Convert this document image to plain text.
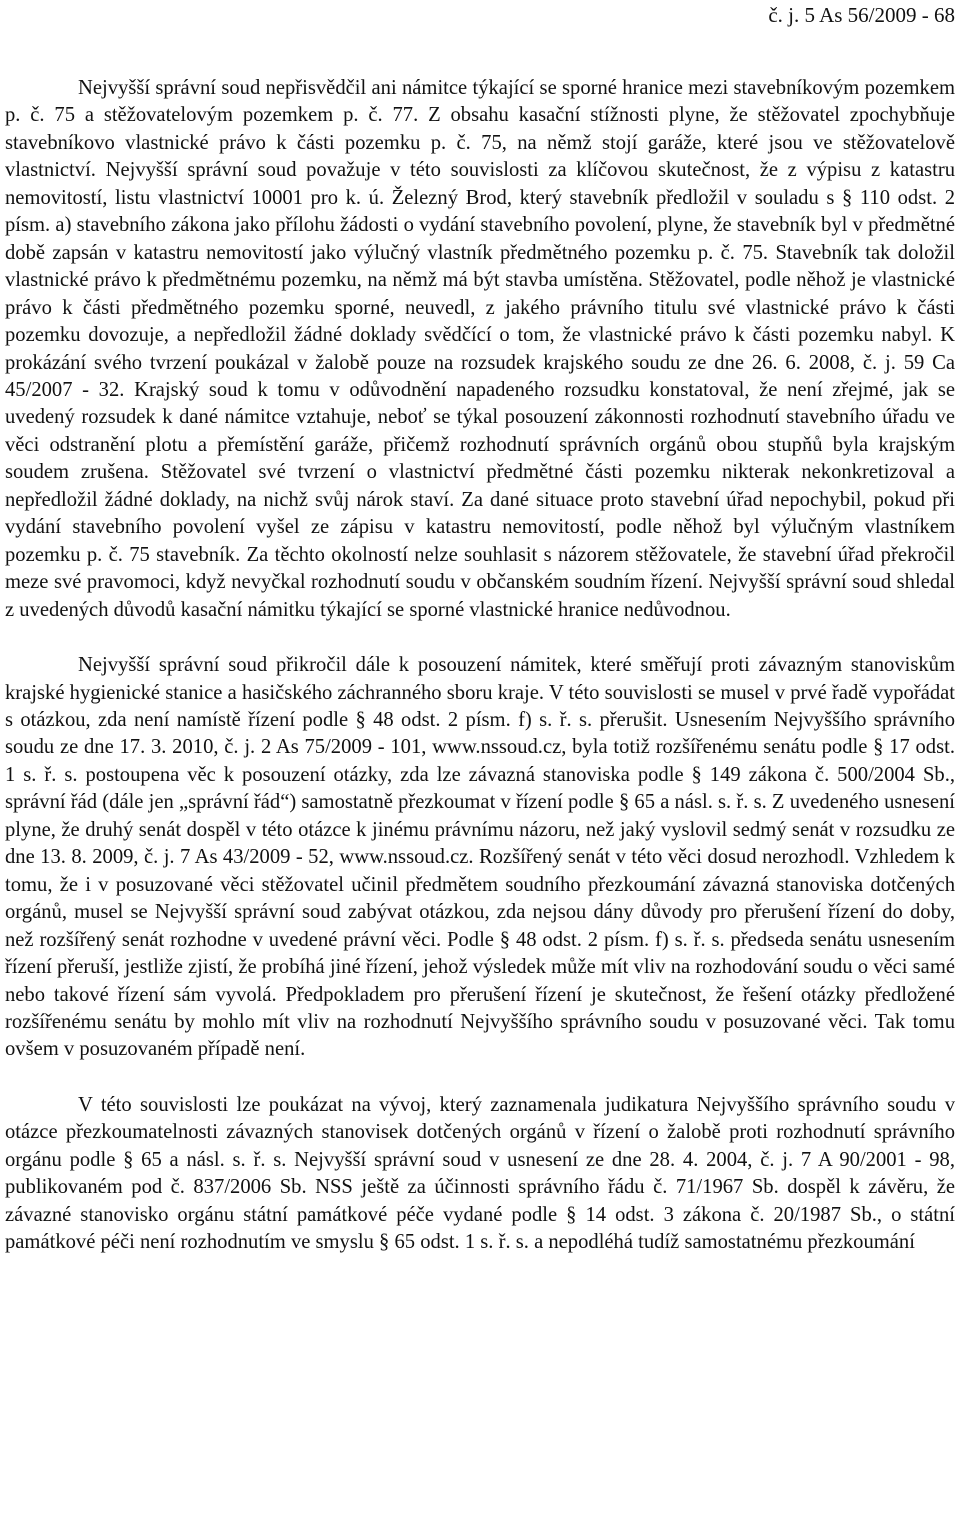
č. j. 5 As 56/2009 - 68

Nejvyšší správní soud nepřisvědčil ani námitce týkající se sporné hranice mezi stavebníkovým pozemkem p. č. 75 a stěžovatelovým pozemkem p. č. 77. Z obsahu kasační stížnosti plyne, že stěžovatel zpochybňuje stavebníkovo vlastnické právo k části pozemku p. č. 75, na němž stojí garáže, které jsou ve stěžovatelově vlastnictví. Nejvyšší správní soud považuje v této souvislosti za klíčovou skutečnost, že z výpisu z katastru nemovitostí, listu vlastnictví 10001 pro k. ú. Železný Brod, který stavebník předložil v souladu s § 110 odst. 2 písm. a) stavebního zákona jako přílohu žádosti o vydání stavebního povolení, plyne, že stavebník byl v předmětné době zapsán v katastru nemovitostí jako výlučný vlastník předmětného pozemku p. č. 75. Stavebník tak doložil vlastnické právo k předmětnému pozemku, na němž má být stavba umístěna. Stěžovatel, podle něhož je vlastnické právo k části předmětného pozemku sporné, neuvedl, z jakého právního titulu své vlastnické právo k části pozemku dovozuje, a nepředložil žádné doklady svědčící o tom, že vlastnické právo k části pozemku nabyl. K prokázání svého tvrzení poukázal v žalobě pouze na rozsudek krajského soudu ze dne 26. 6. 2008, č. j. 59 Ca 45/2007 - 32. Krajský soud k tomu v odůvodnění napadeného rozsudku konstatoval, že není zřejmé, jak se uvedený rozsudek k dané námitce vztahuje, neboť se týkal posouzení zákonnosti rozhodnutí stavebního úřadu ve věci odstranění plotu a přemístění garáže, přičemž rozhodnutí správních orgánů obou stupňů byla krajským soudem zrušena. Stěžovatel své tvrzení o vlastnictví předmětné části pozemku nikterak nekonkretizoval a nepředložil žádné doklady, na nichž svůj nárok staví. Za dané situace proto stavební úřad nepochybil, pokud při vydání stavebního povolení vyšel ze zápisu v katastru nemovitostí, podle něhož byl výlučným vlastníkem pozemku p. č. 75 stavebník. Za těchto okolností nelze souhlasit s názorem stěžovatele, že stavební úřad překročil meze své pravomoci, když nevyčkal rozhodnutí soudu v občanském soudním řízení. Nejvyšší správní soud shledal z uvedených důvodů kasační námitku týkající se sporné vlastnické hranice nedůvodnou.

Nejvyšší správní soud přikročil dále k posouzení námitek, které směřují proti závazným stanoviskům krajské hygienické stanice a hasičského záchranného sboru kraje. V této souvislosti se musel v prvé řadě vypořádat s otázkou, zda není namístě řízení podle § 48 odst. 2 písm. f) s. ř. s. přerušit. Usnesením Nejvyššího správního soudu ze dne 17. 3. 2010, č. j. 2 As 75/2009 - 101, www.nssoud.cz, byla totiž rozšířenému senátu podle § 17 odst. 1 s. ř. s. postoupena věc k posouzení otázky, zda lze závazná stanoviska podle § 149 zákona č. 500/2004 Sb., správní řád (dále jen „správní řád“) samostatně přezkoumat v řízení podle § 65 a násl. s. ř. s. Z uvedeného usnesení plyne, že druhý senát dospěl v této otázce k jinému právnímu názoru, než jaký vyslovil sedmý senát v rozsudku ze dne 13. 8. 2009, č. j. 7 As 43/2009 - 52, www.nssoud.cz. Rozšířený senát v této věci dosud nerozhodl. Vzhledem k tomu, že i v posuzované věci stěžovatel učinil předmětem soudního přezkoumání závazná stanoviska dotčených orgánů, musel se Nejvyšší správní soud zabývat otázkou, zda nejsou dány důvody pro přerušení řízení do doby, než rozšířený senát rozhodne v uvedené právní věci. Podle § 48 odst. 2 písm. f) s. ř. s. předseda senátu usnesením řízení přeruší, jestliže zjistí, že probíhá jiné řízení, jehož výsledek může mít vliv na rozhodování soudu o věci samé nebo takové řízení sám vyvolá. Předpokladem pro přerušení řízení je skutečnost, že řešení otázky předložené rozšířenému senátu by mohlo mít vliv na rozhodnutí Nejvyššího správního soudu v posuzované věci. Tak tomu ovšem v posuzovaném případě není.

V této souvislosti lze poukázat na vývoj, který zaznamenala judikatura Nejvyššího správního soudu v otázce přezkoumatelnosti závazných stanovisek dotčených orgánů v řízení o žalobě proti rozhodnutí správního orgánu podle § 65 a násl. s. ř. s. Nejvyšší správní soud v usnesení ze dne 28. 4. 2004, č. j. 7 A 90/2001 - 98, publikovaném pod č. 837/2006 Sb. NSS ještě za účinnosti správního řádu č. 71/1967 Sb. dospěl k závěru, že závazné stanovisko orgánu státní památkové péče vydané podle § 14 odst. 3 zákona č. 20/1987 Sb., o státní památkové péči není rozhodnutím ve smyslu § 65 odst. 1 s. ř. s. a nepodléhá tudíž samostatnému přezkoumání
